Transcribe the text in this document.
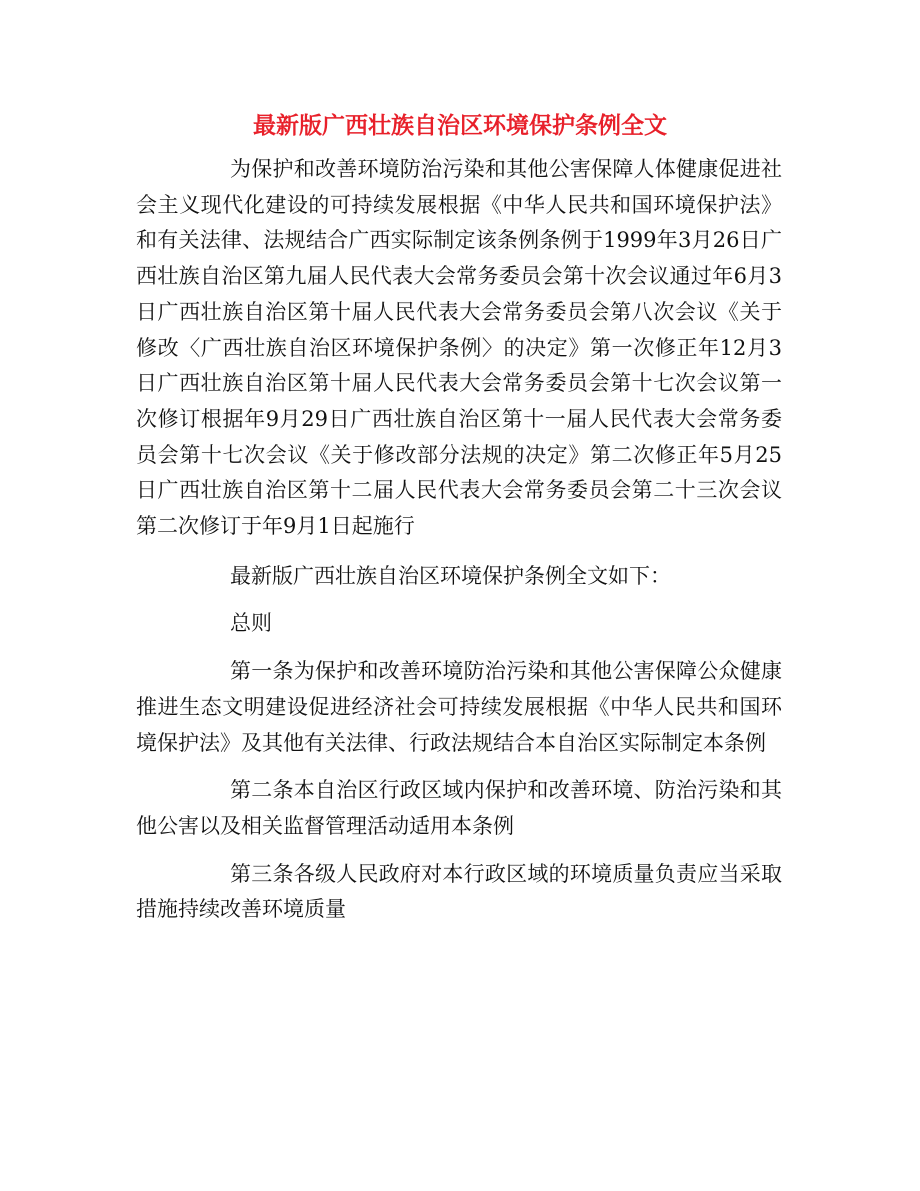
最新版广西壮族自治区环境保护条例全文

为保护和改善环境防治污染和其他公害保障人体健康促进社会主义现代化建设的可持续发展根据《中华人民共和国环境保护法》和有关法律、法规结合广西实际制定该条例条例于1999年3月26日广西壮族自治区第九届人民代表大会常务委员会第十次会议通过年6月3日广西壮族自治区第十届人民代表大会常务委员会第八次会议《关于修改〈广西壮族自治区环境保护条例〉的决定》第一次修正年12月3日广西壮族自治区第十届人民代表大会常务委员会第十七次会议第一次修订根据年9月29日广西壮族自治区第十一届人民代表大会常务委员会第十七次会议《关于修改部分法规的决定》第二次修正年5月25日广西壮族自治区第十二届人民代表大会常务委员会第二十三次会议第二次修订于年9月1日起施行

最新版广西壮族自治区环境保护条例全文如下：

总则

第一条为保护和改善环境防治污染和其他公害保障公众健康推进生态文明建设促进经济社会可持续发展根据《中华人民共和国环境保护法》及其他有关法律、行政法规结合本自治区实际制定本条例

第二条本自治区行政区域内保护和改善环境、防治污染和其他公害以及相关监督管理活动适用本条例

第三条各级人民政府对本行政区域的环境质量负责应当采取措施持续改善环境质量
